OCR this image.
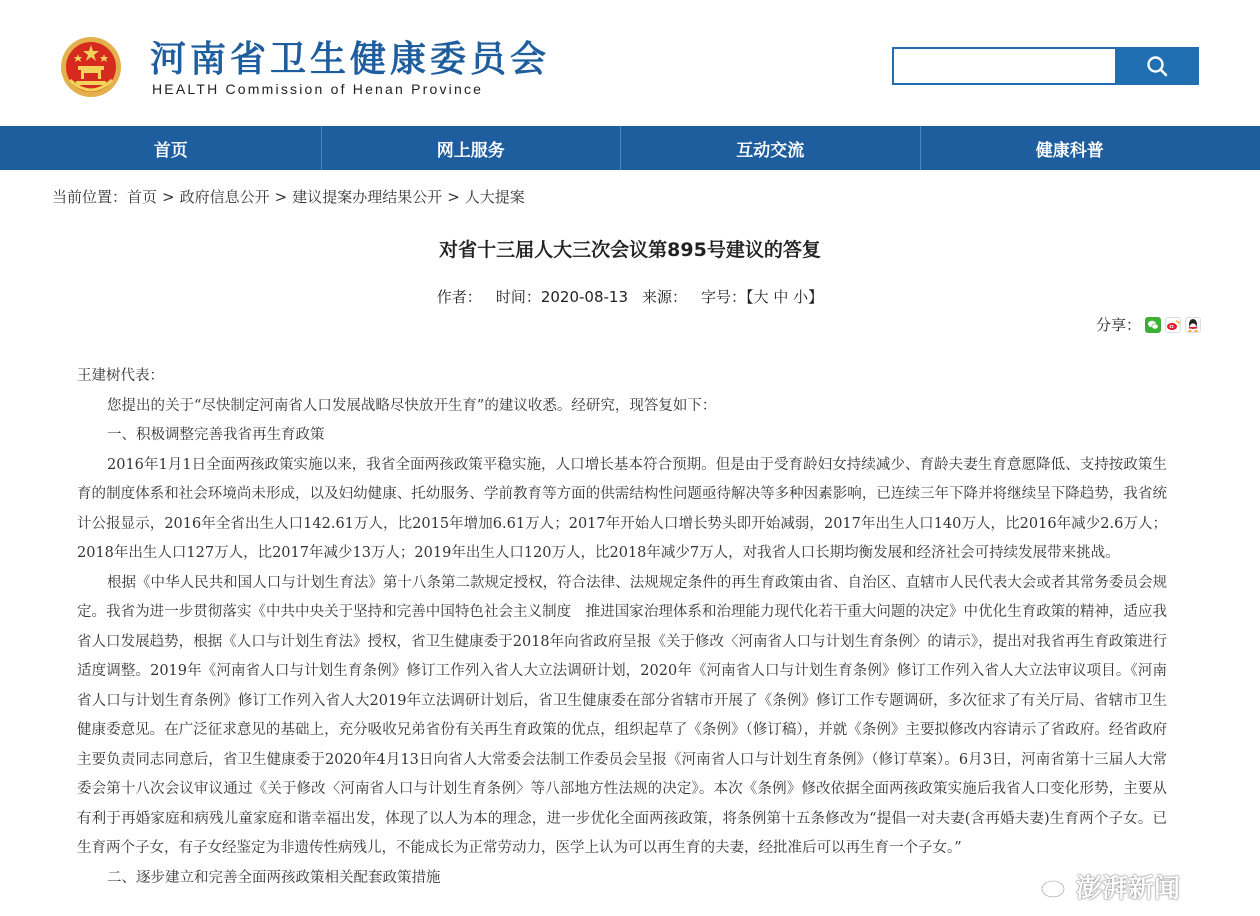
河南省卫生健康委员会
HEALTH Commission of Henan Province
首页	网上服务	互动交流	健康科普
当前位置：首页 > 政府信息公开 > 建议提案办理结果公开 > 人大提案
对省十三届人大三次会议第895号建议的答复
作者： 时间：2020-08-13 来源： 字号：【大 中 小】
分享：

王建树代表：

您提出的关于“尽快制定河南省人口发展战略尽快放开生育”的建议收悉。经研究，现答复如下：

一、积极调整完善我省再生育政策

2016年1月1日全面两孩政策实施以来，我省全面两孩政策平稳实施，人口增长基本符合预期。但是由于受育龄妇女持续减少、育龄夫妻生育意愿降低、支持按政策生育的制度体系和社会环境尚未形成，以及妇幼健康、托幼服务、学前教育等方面的供需结构性问题亟待解决等多种因素影响，已连续三年下降并将继续呈下降趋势，我省统计公报显示，2016年全省出生人口142.61万人，比2015年增加6.61万人；2017年开始人口增长势头即开始减弱，2017年出生人口140万人，比2016年减少2.6万人；2018年出生人口127万人，比2017年减少13万人；2019年出生人口120万人，比2018年减少7万人，对我省人口长期均衡发展和经济社会可持续发展带来挑战。

根据《中华人民共和国人口与计划生育法》第十八条第二款规定授权，符合法律、法规规定条件的再生育政策由省、自治区、直辖市人民代表大会或者其常务委员会规定。我省为进一步贯彻落实《中共中央关于坚持和完善中国特色社会主义制度　推进国家治理体系和治理能力现代化若干重大问题的决定》中优化生育政策的精神，适应我省人口发展趋势，根据《人口与计划生育法》授权，省卫生健康委于2018年向省政府呈报《关于修改〈河南省人口与计划生育条例〉的请示》，提出对我省再生育政策进行适度调整。2019年《河南省人口与计划生育条例》修订工作列入省人大立法调研计划，2020年《河南省人口与计划生育条例》修订工作列入省人大立法审议项目。《河南省人口与计划生育条例》修订工作列入省人大2019年立法调研计划后，省卫生健康委在部分省辖市开展了《条例》修订工作专题调研，多次征求了有关厅局、省辖市卫生健康委意见。在广泛征求意见的基础上，充分吸收兄弟省份有关再生育政策的优点，组织起草了《条例》（修订稿），并就《条例》主要拟修改内容请示了省政府。经省政府主要负责同志同意后，省卫生健康委于2020年4月13日向省人大常委会法制工作委员会呈报《河南省人口与计划生育条例》（修订草案）。6月3日，河南省第十三届人大常委会第十八次会议审议通过《关于修改〈河南省人口与计划生育条例〉等八部地方性法规的决定》。本次《条例》修改依据全面两孩政策实施后我省人口变化形势，主要从有利于再婚家庭和病残儿童家庭和谐幸福出发，体现了以人为本的理念，进一步优化全面两孩政策，将条例第十五条修改为“提倡一对夫妻(含再婚夫妻)生育两个子女。已生育两个子女，有子女经鉴定为非遗传性病残儿，不能成长为正常劳动力，医学上认为可以再生育的夫妻，经批准后可以再生育一个子女。”

二、逐步建立和完善全面两孩政策相关配套政策措施	澎湃新闻
